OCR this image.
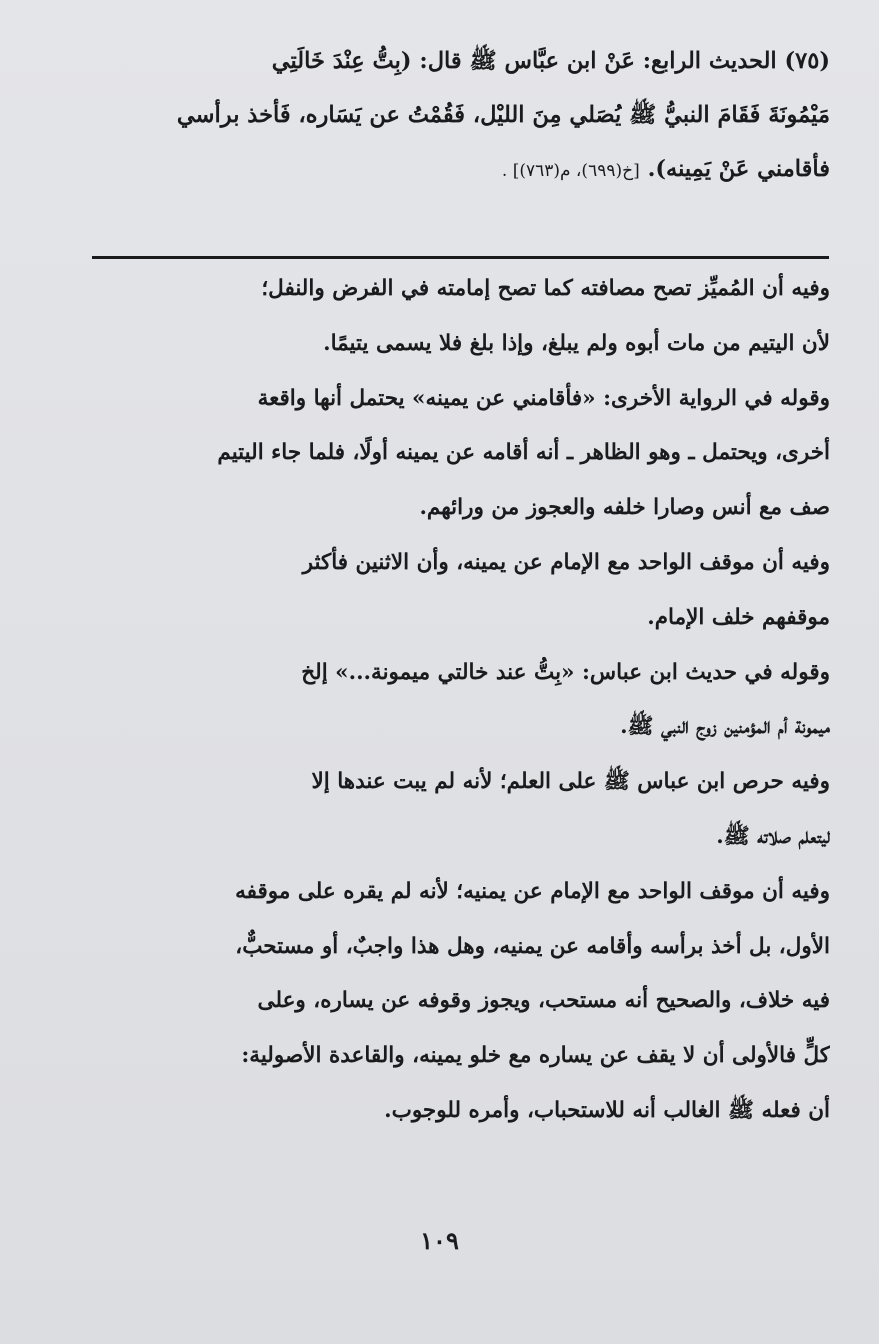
(٧٥) الحديث الرابع: عَنْ ابن عبَّاس ﷺ قال: (بِتُّ عِنْدَ خَالَتِي
مَيْمُونَةَ فَقَامَ النبيُّ ﷺ يُصَلي مِنَ الليْل، فَقُمْتُ عن يَسَاره، فَأخذ برأسي
فأقامني عَنْ يَمِينه). [خ(٦٩٩)، م(٧٦٣)] .
وفيه أن المُميِّز تصح مصافته كما تصح إمامته في الفرض والنفل؛
لأن اليتيم من مات أبوه ولم يبلغ، وإذا بلغ فلا يسمى يتيمًا.
وقوله في الرواية الأخرى: «فأقامني عن يمينه» يحتمل أنها واقعة
أخرى، ويحتمل ـ وهو الظاهر ـ أنه أقامه عن يمينه أولًا، فلما جاء اليتيم
صف مع أنس وصارا خلفه والعجوز من ورائهم.
وفيه أن موقف الواحد مع الإمام عن يمينه، وأن الاثنين فأكثر
موقفهم خلف الإمام.
وقوله في حديث ابن عباس: «بِتُّ عند خالتي ميمونة...» إلخ
ميمونة أم المؤمنين زوج النبي ﷺ.
وفيه حرص ابن عباس ﷺ على العلم؛ لأنه لم يبت عندها إلا
ليتعلم صلاته ﷺ.
وفيه أن موقف الواحد مع الإمام عن يمنيه؛ لأنه لم يقره على موقفه
الأول، بل أخذ برأسه وأقامه عن يمنيه، وهل هذا واجبٌ، أو مستحبٌّ،
فيه خلاف، والصحيح أنه مستحب، ويجوز وقوفه عن يساره، وعلى
كلٍّ فالأولى أن لا يقف عن يساره مع خلو يمينه، والقاعدة الأصولية:
أن فعله ﷺ الغالب أنه للاستحباب، وأمره للوجوب.
١٠٩
